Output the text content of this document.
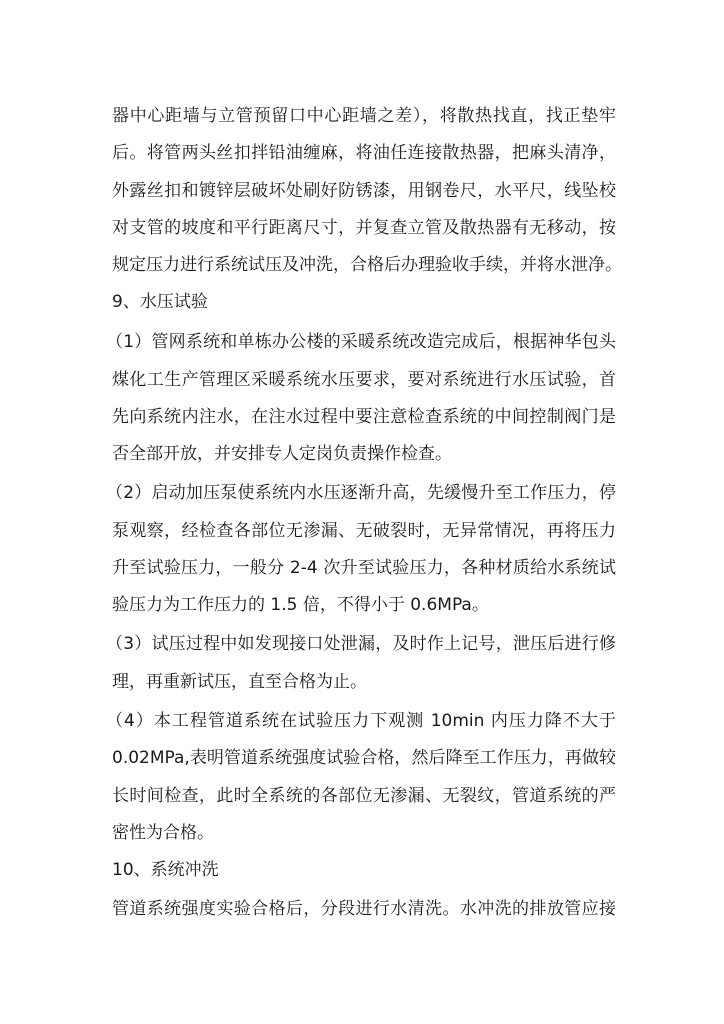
器中心距墙与立管预留口中心距墙之差），将散热找直，找正垫牢
后。将管两头丝扣拌铅油缠麻，将油任连接散热器，把麻头清净，
外露丝扣和镀锌层破坏处刷好防锈漆，用钢卷尺，水平尺，线坠校
对支管的坡度和平行距离尺寸，并复查立管及散热器有无移动，按
规定压力进行系统试压及冲洗，合格后办理验收手续，并将水泄净。
9、水压试验
（1）管网系统和单栋办公楼的采暖系统改造完成后，根据神华包头
煤化工生产管理区采暖系统水压要求，要对系统进行水压试验，首
先向系统内注水，在注水过程中要注意检查系统的中间控制阀门是
否全部开放，并安排专人定岗负责操作检查。
（2）启动加压泵使系统内水压逐渐升高，先缓慢升至工作压力，停
泵观察，经检查各部位无渗漏、无破裂时，无异常情况，再将压力
升至试验压力，一般分 2-4 次升至试验压力，各种材质给水系统试
验压力为工作压力的 1.5 倍，不得小于 0.6MPa。
（3）试压过程中如发现接口处泄漏，及时作上记号，泄压后进行修
理，再重新试压，直至合格为止。
（4）本工程管道系统在试验压力下观测 10min 内压力降不大于
0.02MPa,表明管道系统强度试验合格，然后降至工作压力，再做较
长时间检查，此时全系统的各部位无渗漏、无裂纹，管道系统的严
密性为合格。
10、系统冲洗
管道系统强度实验合格后，分段进行水清洗。水冲洗的排放管应接
